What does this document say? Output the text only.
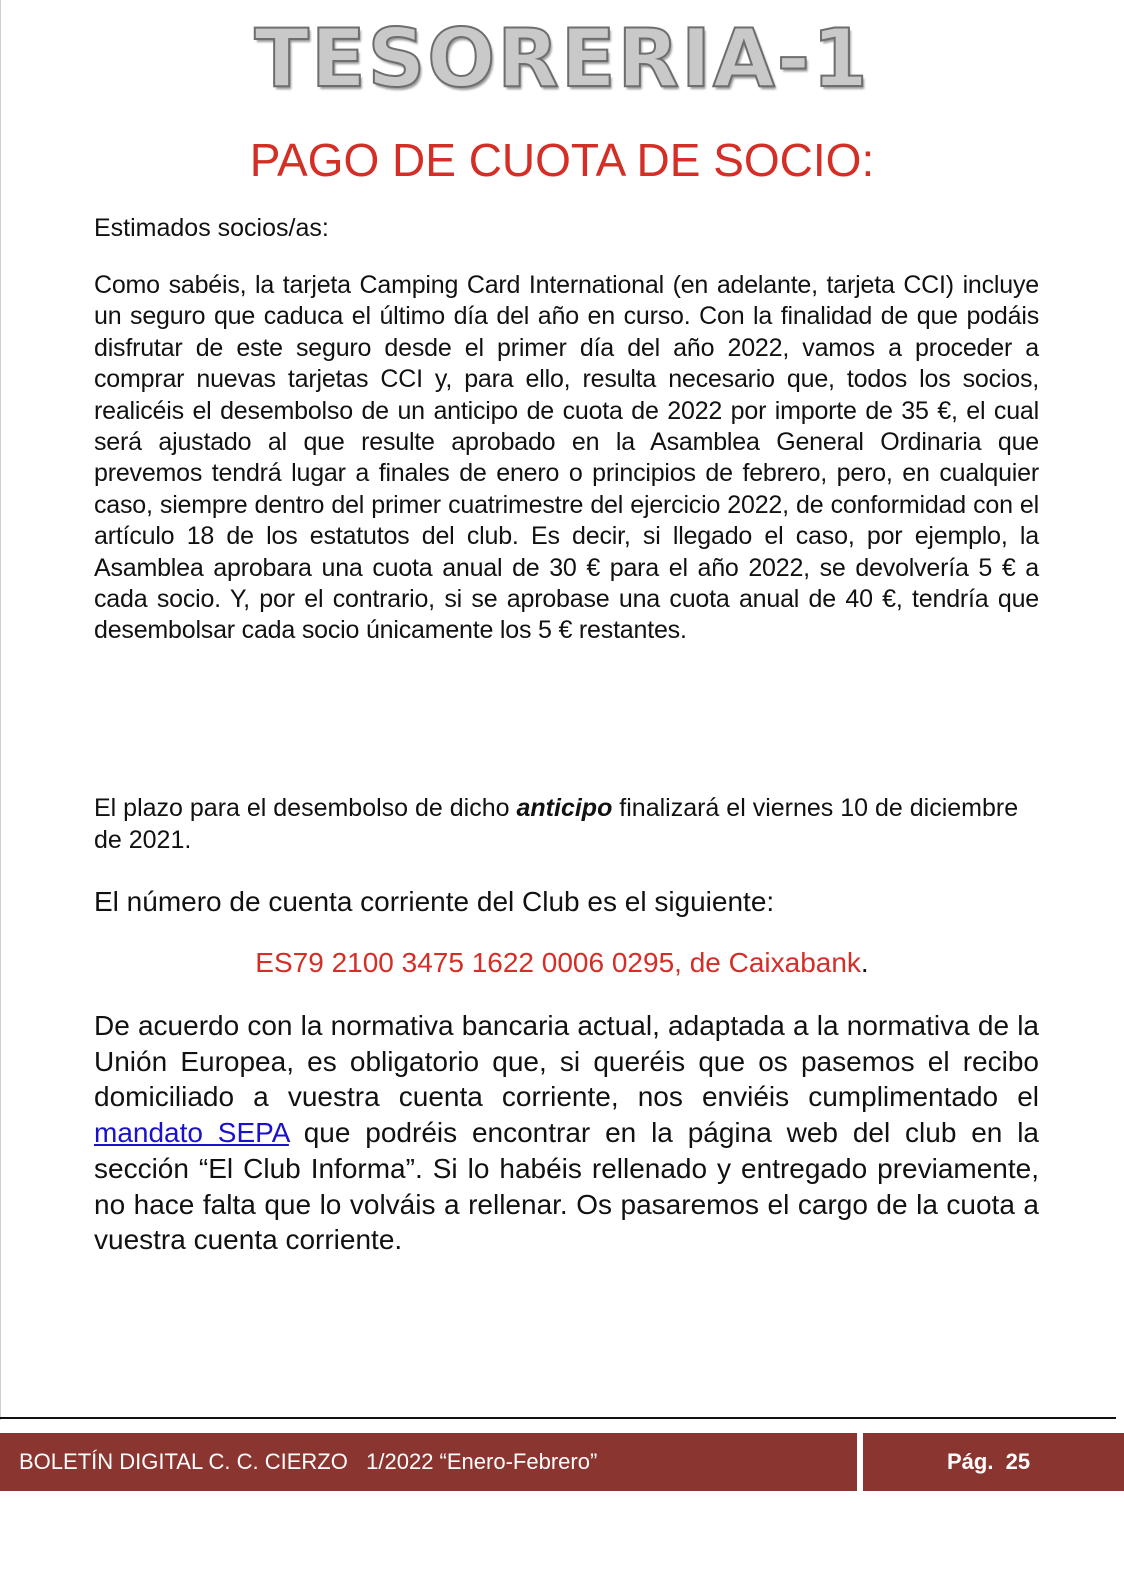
TESORERIA-1
PAGO DE CUOTA DE SOCIO:
Estimados socios/as:
Como sabéis, la tarjeta Camping Card International (en adelante, tarjeta CCI) incluye un seguro que caduca el último día del año en curso. Con la finalidad de que podáis disfrutar de este seguro desde el primer día del año 2022, vamos a proceder a comprar nuevas tarjetas CCI y, para ello, resulta necesario que, todos los socios, realicéis el desembolso de un anticipo de cuota de 2022 por importe de 35 €, el cual será ajustado al que resulte aprobado en la Asamblea General Ordinaria que prevemos tendrá lugar a finales de enero o principios de febrero, pero, en cualquier caso, siempre dentro del primer cuatrimestre del ejercicio 2022, de conformidad con el artículo 18 de los estatutos del club. Es decir, si llegado el caso, por ejemplo, la Asamblea aprobara una cuota anual de 30 € para el año 2022, se devolvería 5 € a cada socio. Y, por el contrario, si se aprobase una cuota anual de 40 €, tendría que desembolsar cada socio únicamente los 5 € restantes.
El plazo para el desembolso de dicho anticipo finalizará el viernes 10 de diciembre de 2021.
El número de cuenta corriente del Club es el siguiente:
ES79 2100 3475 1622 0006 0295, de Caixabank.
De acuerdo con la normativa bancaria actual, adaptada a la normativa de la Unión Europea, es obligatorio que, si queréis que os pasemos el recibo domiciliado a vuestra cuenta corriente, nos enviéis cumplimentado el mandato SEPA que podréis encontrar en la página web del club en la sección “El Club Informa”. Si lo habéis rellenado y entregado previamente, no hace falta que lo volváis a rellenar. Os pasaremos el cargo de la cuota a vuestra cuenta corriente.
BOLETÍN DIGITAL C. C. CIERZO   1/2022 “Enero-Febrero”	Pág.  25
